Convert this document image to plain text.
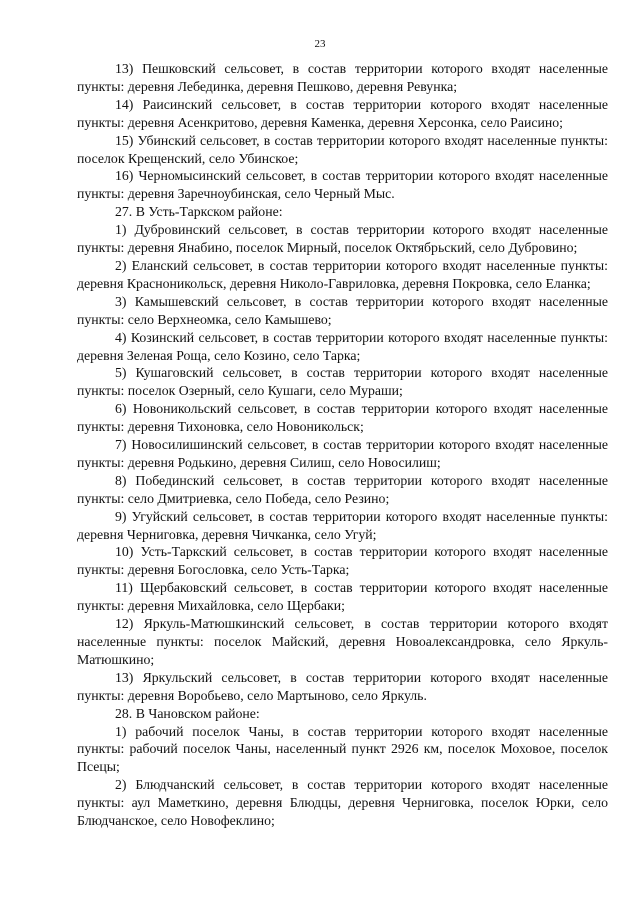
23

13) Пешковский сельсовет, в состав территории которого входят населенные пункты: деревня Лебединка, деревня Пешково, деревня Ревунка;

14) Раисинский сельсовет, в состав территории которого входят населенные пункты: деревня Асенкритово, деревня Каменка, деревня Херсонка, село Раисино;

15) Убинский сельсовет, в состав территории которого входят населенные пункты: поселок Крещенский, село Убинское;

16) Черномысинский сельсовет, в состав территории которого входят населенные пункты: деревня Заречноубинская, село Черный Мыс.

27. В Усть-Таркском районе:

1) Дубровинский сельсовет, в состав территории которого входят населенные пункты: деревня Янабино, поселок Мирный, поселок Октябрьский, село Дубровино;

2) Еланский сельсовет, в состав территории которого входят населенные пункты: деревня Красноникольск, деревня Николо-Гавриловка, деревня Покровка, село Еланка;

3) Камышевский сельсовет, в состав территории которого входят населенные пункты: село Верхнеомка, село Камышево;

4) Козинский сельсовет, в состав территории которого входят населенные пункты: деревня Зеленая Роща, село Козино, село Тарка;

5) Кушаговский сельсовет, в состав территории которого входят населенные пункты: поселок Озерный, село Кушаги, село Мураши;

6) Новоникольский сельсовет, в состав территории которого входят населенные пункты: деревня Тихоновка, село Новоникольск;

7) Новосилишинский сельсовет, в состав территории которого входят населенные пункты: деревня Родькино, деревня Силиш, село Новосилиш;

8) Побединский сельсовет, в состав территории которого входят населенные пункты: село Дмитриевка, село Победа, село Резино;

9) Угуйский сельсовет, в состав территории которого входят населенные пункты: деревня Черниговка, деревня Чичканка, село Угуй;

10) Усть-Таркский сельсовет, в состав территории которого входят населенные пункты: деревня Богословка, село Усть-Тарка;

11) Щербаковский сельсовет, в состав территории которого входят населенные пункты: деревня Михайловка, село Щербаки;

12) Яркуль-Матюшкинский сельсовет, в состав территории которого входят населенные пункты: поселок Майский, деревня Новоалександровка, село Яркуль-Матюшкино;

13) Яркульский сельсовет, в состав территории которого входят населенные пункты: деревня Воробьево, село Мартыново, село Яркуль.

28. В Чановском районе:

1) рабочий поселок Чаны, в состав территории которого входят населенные пункты: рабочий поселок Чаны, населенный пункт 2926 км, поселок Моховое, поселок Псецы;

2) Блюдчанский сельсовет, в состав территории которого входят населенные пункты: аул Маметкино, деревня Блюдцы, деревня Черниговка, поселок Юрки, село Блюдчанское, село Новофеклино;
